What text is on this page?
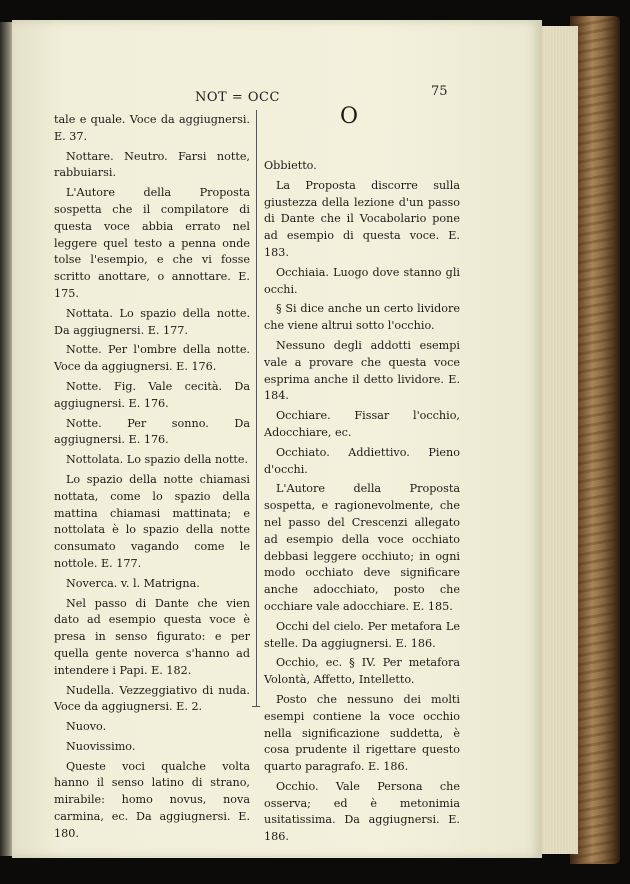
NOT = OCC	75
O

tale e quale. Voce da aggiugnersi. E. 37.

Nottare. Neutro. Farsi notte, rabbuiarsi.

L'Autore della Proposta sospetta che il compilatore di questa voce abbia errato nel leggere quel testo a penna onde tolse l'esempio, e che vi fosse scritto anottare, o annottare. E. 175.

Nottata. Lo spazio della notte. Da aggiugnersi. E. 177.

Notte. Per l'ombre della notte. Voce da aggiugnersi. E. 176.

Notte. Fig. Vale cecità. Da aggiugnersi. E. 176.

Notte. Per sonno. Da aggiugnersi. E. 176.

Nottolata. Lo spazio della notte.

Lo spazio della notte chiamasi nottata, come lo spazio della mattina chiamasi mattinata; e nottolata è lo spazio della notte consumato vagando come le nottole. E. 177.

Noverca. v. l. Matrigna.

Nel passo di Dante che vien dato ad esempio questa voce è presa in senso figurato: e per quella gente noverca s'hanno ad intendere i Papi. E. 182.

Nudella. Vezzeggiativo di nuda. Voce da aggiugnersi. E. 2.

Nuovo.

Nuovissimo.

Queste voci qualche volta hanno il senso latino di strano, mirabile: homo novus, nova carmina, ec. Da aggiugnersi. E. 180.

Obbietto.

La Proposta discorre sulla giustezza della lezione d'un passo di Dante che il Vocabolario pone ad esempio di questa voce. E. 183.

Occhiaia. Luogo dove stanno gli occhi.

§ Si dice anche un certo lividore che viene altrui sotto l'occhio.

Nessuno degli addotti esempi vale a provare che questa voce esprima anche il detto lividore. E. 184.

Occhiare. Fissar l'occhio, Adocchiare, ec.

Occhiato. Addiettivo. Pieno d'occhi.

L'Autore della Proposta sospetta, e ragionevolmente, che nel passo del Crescenzi allegato ad esempio della voce occhiato debbasi leggere occhiuto; in ogni modo occhiato deve significare anche adocchiato, posto che occhiare vale adocchiare. E. 185.

Occhi del cielo. Per metafora Le stelle. Da aggiugnersi. E. 186.

Occhio, ec. § IV. Per metafora Volontà, Affetto, Intelletto.

Posto che nessuno dei molti esempi contiene la voce occhio nella significazione suddetta, è cosa prudente il rigettare questo quarto paragrafo. E. 186.

Occhio. Vale Persona che osserva; ed è metonimia usitatissima. Da aggiugnersi. E. 186.
